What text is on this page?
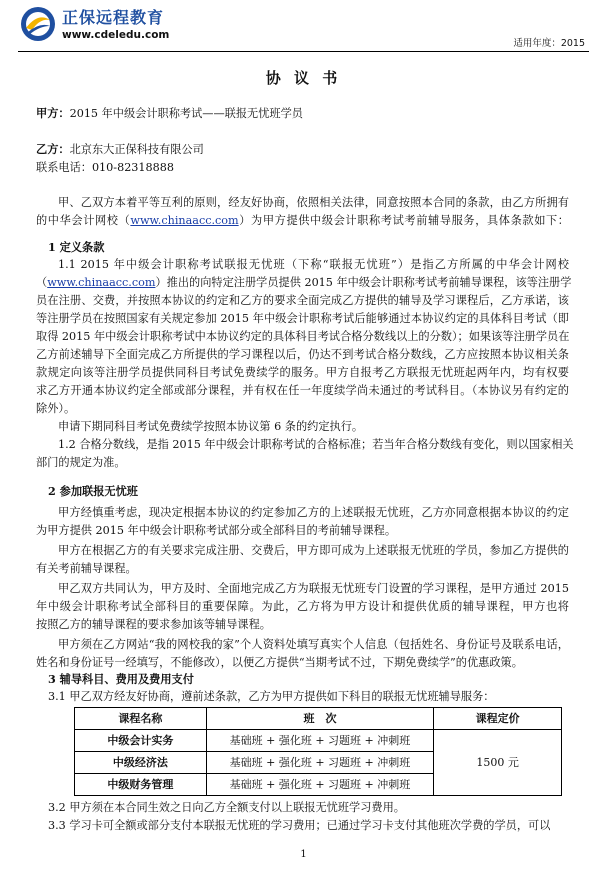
正保远程教育
www.cdeledu.com
适用年度：2015
协 议 书
甲方：2015 年中级会计职称考试——联报无忧班学员
乙方：北京东大正保科技有限公司
联系电话：010-82318888
甲、乙双方本着平等互利的原则，经友好协商，依照相关法律，同意按照本合同的条款，由乙方所拥有
的中华会计网校（www.chinaacc.com）为甲方提供中级会计职称考试考前辅导服务，具体条款如下：
1 定义条款
1.1 2015 年中级会计职称考试联报无忧班（下称“联报无忧班”）是指乙方所属的中华会计网校
（www.chinaacc.com）推出的向特定注册学员提供 2015 年中级会计职称考试考前辅导课程，该等注册学
员在注册、交费，并按照本协议的约定和乙方的要求全面完成乙方提供的辅导及学习课程后，乙方承诺，该
等注册学员在按照国家有关规定参加 2015 年中级会计职称考试后能够通过本协议约定的具体科目考试（即
取得 2015 年中级会计职称考试中本协议约定的具体科目考试合格分数线以上的分数）；如果该等注册学员在
乙方前述辅导下全面完成乙方所提供的学习课程以后，仍达不到考试合格分数线，乙方应按照本协议相关条
款规定向该等注册学员提供同科目考试免费续学的服务。甲方自报考乙方联报无忧班起两年内，均有权要
求乙方开通本协议约定全部或部分课程，并有权在任一年度续学尚未通过的考试科目。（本协议另有约定的
除外）。
申请下期同科目考试免费续学按照本协议第 6 条的约定执行。
1.2 合格分数线，是指 2015 年中级会计职称考试的合格标准；若当年合格分数线有变化，则以国家相关
部门的规定为准。
2 参加联报无忧班
甲方经慎重考虑，现决定根据本协议的约定参加乙方的上述联报无忧班，乙方亦同意根据本协议的约定
为甲方提供 2015 年中级会计职称考试部分或全部科目的考前辅导课程。
甲方在根据乙方的有关要求完成注册、交费后，甲方即可成为上述联报无忧班的学员，参加乙方提供的
有关考前辅导课程。
甲乙双方共同认为，甲方及时、全面地完成乙方为联报无忧班专门设置的学习课程，是甲方通过 2015
年中级会计职称考试全部科目的重要保障。为此，乙方将为甲方设计和提供优质的辅导课程，甲方也将
按照乙方的辅导课程的要求参加该等辅导课程。
甲方须在乙方网站“我的网校我的家”个人资料处填写真实个人信息（包括姓名、身份证号及联系电话，
姓名和身份证号一经填写，不能修改），以便乙方提供“当期考试不过，下期免费续学”的优惠政策。
3 辅导科目、费用及费用支付
3.1 甲乙双方经友好协商，遵前述条款，乙方为甲方提供如下科目的联报无忧班辅导服务：
课程名称	班　次	课程定价
中级会计实务	基础班 + 强化班 + 习题班 + 冲刺班	1500 元
中级经济法	基础班 + 强化班 + 习题班 + 冲刺班	
中级财务管理	基础班 + 强化班 + 习题班 + 冲刺班	
3.2 甲方须在本合同生效之日向乙方全额支付以上联报无忧班学习费用。
3.3 学习卡可全额或部分支付本联报无忧班的学习费用；已通过学习卡支付其他班次学费的学员，可以
1
